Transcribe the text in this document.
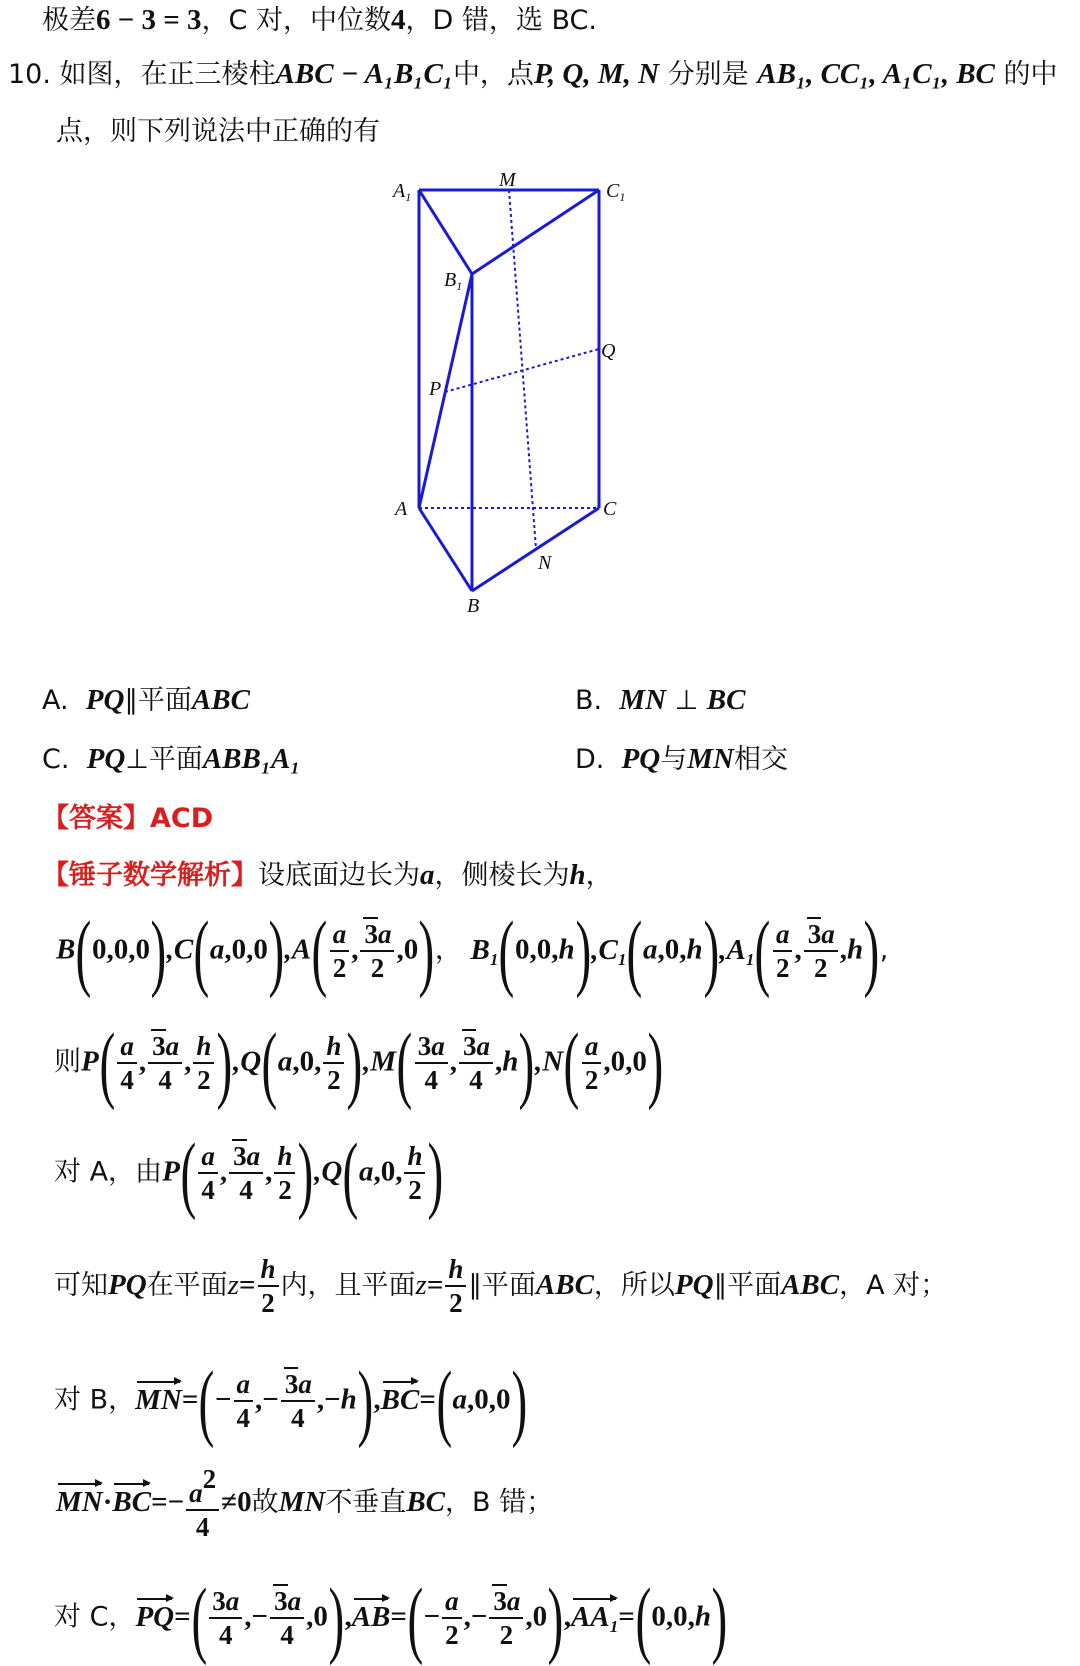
极差6 − 3 = 3，C 对，中位数4，D 错，选 BC.
10. 如图，在正三棱柱ABC − A₁B₁C₁中，点P, Q, M, N 分别是 AB₁, CC₁, A₁C₁, BC 的中
点，则下列说法中正确的有
$A_1$
M	$C_1$
$B_1$
Q
P
A	C
N
B
A. PQ∥平面ABC	B. MN ⊥ BC
C. PQ⊥平面ABB₁A₁	D. PQ与MN相交
【答案】ACD
【锤子数学解析】设底面边长为a，侧棱长为h，
$B(0,0,0),C(a,0,0),A( \frac{a}{2}$ , $\frac{3a}{2} ,0$)， $B_1(0,0,h),C_1(a,0,h),A_1( \frac{a}{2}$ , $\frac{3a}{2} ,h$),
则$P( \frac{a}{4}$ , $\frac{3a}{4}$ , $\frac{h}{2} ),Q(a,0$, $\frac{h}{2} ),M( \frac{3a}{4}$ , $\frac{3a}{4} ,h),N( \frac{a}{2} ,0,0)$
对 A，由$P( \frac{a}{4}$ , $\frac{3a}{4}$ , $\frac{h}{2} ),Q(a,0$, $\frac{h}{2}$ )
可知PQ在平面$z= \frac{h}{2}$ 内，且平面$z= \frac{h}{2}$ ∥平面ABC，所以PQ∥平面ABC，A 对；
对 B，$MN=(- \frac{a}{4}$ ,− $\frac{3a}{4} ,-h),BC=(a,0,0)$
$MN\cdot BC=- \frac{a2}{4} \ne 0$故MN不垂直BC，B 错；
对 C，$PQ=( \frac{3a}{4}$ ,− $\frac{3a}{4} ,0),AB=(- \frac{a}{2}$ ,− $\frac{3a}{2} ,0),AA_1=(0,0,h)$
